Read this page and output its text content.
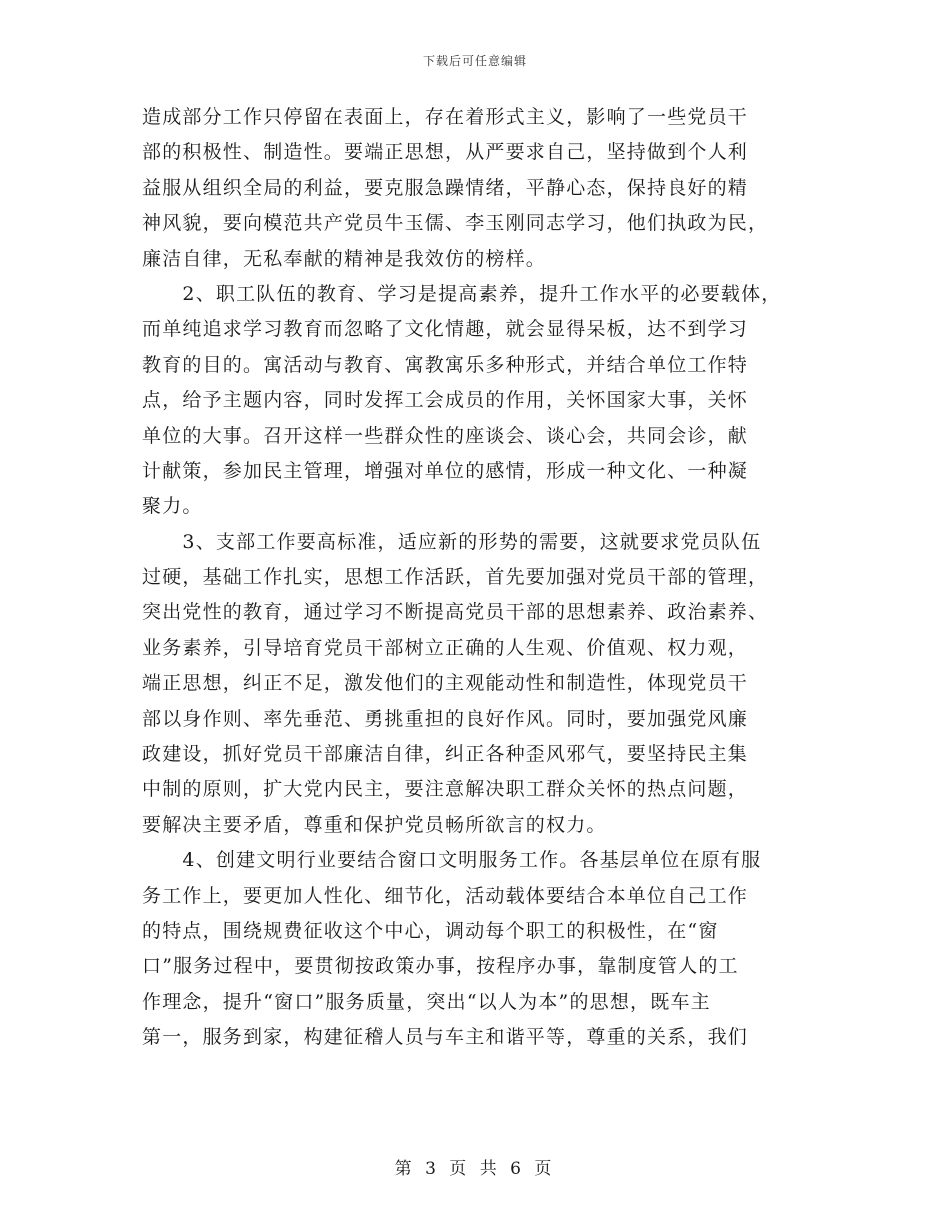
下载后可任意编辑
造成部分工作只停留在表面上，存在着形式主义，影响了一些党员干
部的积极性、制造性。要端正思想，从严要求自己，坚持做到个人利
益服从组织全局的利益，要克服急躁情绪，平静心态，保持良好的精
神风貌，要向模范共产党员牛玉儒、李玉刚同志学习，他们执政为民，
廉洁自律，无私奉献的精神是我效仿的榜样。
　　2、职工队伍的教育、学习是提高素养，提升工作水平的必要载体，
而单纯追求学习教育而忽略了文化情趣，就会显得呆板，达不到学习
教育的目的。寓活动与教育、寓教寓乐多种形式，并结合单位工作特
点，给予主题内容，同时发挥工会成员的作用，关怀国家大事，关怀
单位的大事。召开这样一些群众性的座谈会、谈心会，共同会诊，献
计献策，参加民主管理，增强对单位的感情，形成一种文化、一种凝
聚力。
　　3、支部工作要高标准，适应新的形势的需要，这就要求党员队伍
过硬，基础工作扎实，思想工作活跃，首先要加强对党员干部的管理，
突出党性的教育，通过学习不断提高党员干部的思想素养、政治素养、
业务素养，引导培育党员干部树立正确的人生观、价值观、权力观，
端正思想，纠正不足，激发他们的主观能动性和制造性，体现党员干
部以身作则、率先垂范、勇挑重担的良好作风。同时，要加强党风廉
政建设，抓好党员干部廉洁自律，纠正各种歪风邪气，要坚持民主集
中制的原则，扩大党内民主，要注意解决职工群众关怀的热点问题，
要解决主要矛盾，尊重和保护党员畅所欲言的权力。
　　4、创建文明行业要结合窗口文明服务工作。各基层单位在原有服
务工作上，要更加人性化、细节化，活动载体要结合本单位自己工作
的特点，围绕规费征收这个中心，调动每个职工的积极性，在“窗
口”服务过程中，要贯彻按政策办事，按程序办事，靠制度管人的工
作理念，提升“窗口”服务质量，突出“以人为本”的思想，既车主
第一，服务到家，构建征稽人员与车主和谐平等，尊重的关系，我们
第 3 页 共 6 页
